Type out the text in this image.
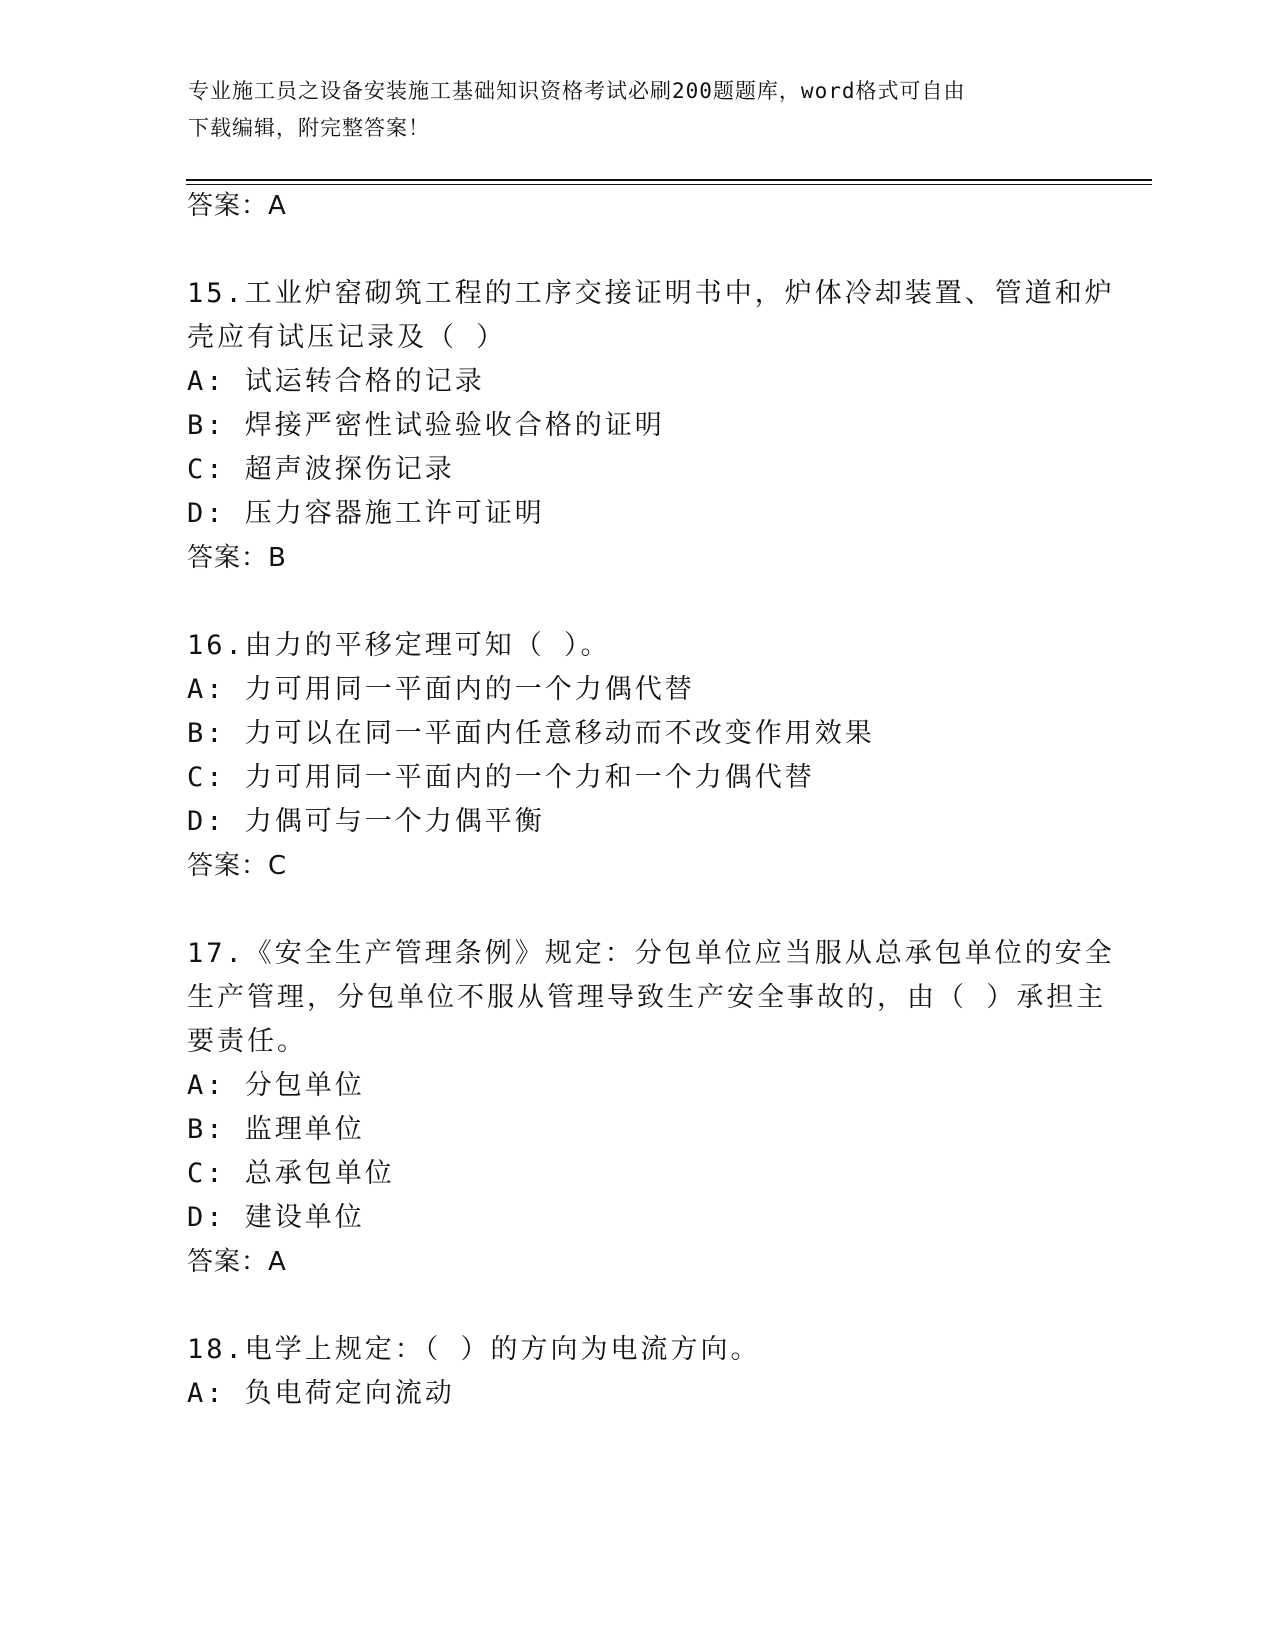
专业施工员之设备安装施工基础知识资格考试必刷200题题库，word格式可自由
下载编辑，附完整答案！
答案：A
15.工业炉窑砌筑工程的工序交接证明书中，炉体冷却装置、管道和炉
壳应有试压记录及（ ）
A: 试运转合格的记录
B: 焊接严密性试验验收合格的证明
C: 超声波探伤记录
D: 压力容器施工许可证明
答案：B
16.由力的平移定理可知（ ）。
A: 力可用同一平面内的一个力偶代替
B: 力可以在同一平面内任意移动而不改变作用效果
C: 力可用同一平面内的一个力和一个力偶代替
D: 力偶可与一个力偶平衡
答案：C
17.《安全生产管理条例》规定：分包单位应当服从总承包单位的安全
生产管理，分包单位不服从管理导致生产安全事故的，由（ ）承担主
要责任。
A: 分包单位
B: 监理单位
C: 总承包单位
D: 建设单位
答案：A
18.电学上规定：（ ）的方向为电流方向。
A: 负电荷定向流动
